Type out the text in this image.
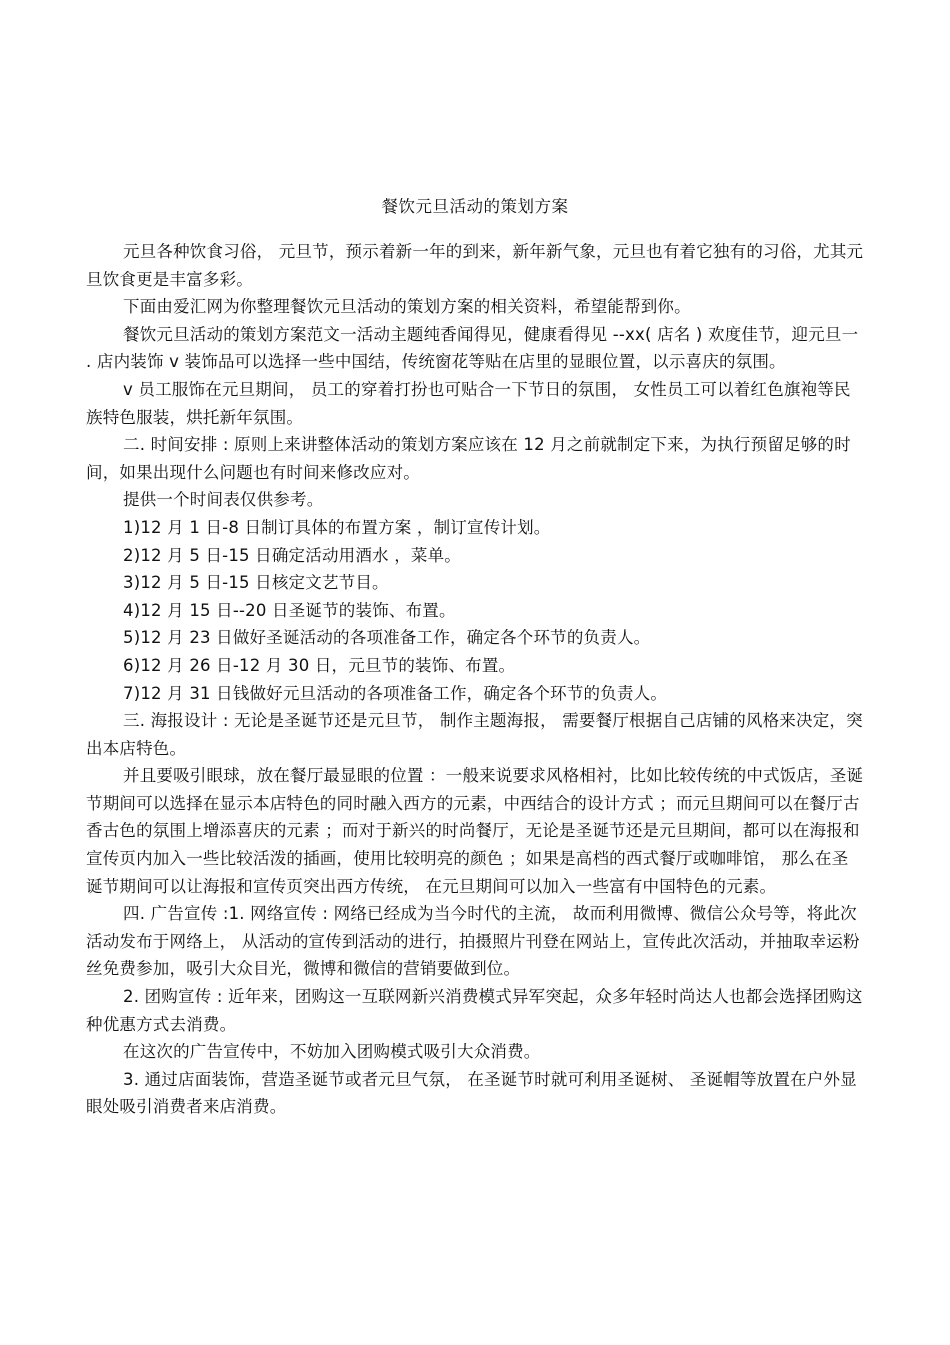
餐饮元旦活动的策划方案

元旦各种饮食习俗， 元旦节，预示着新一年的到来，新年新气象，元旦也有着它独有的习俗，尤其元旦饮食更是丰富多彩。

下面由爱汇网为你整理餐饮元旦活动的策划方案的相关资料，希望能帮到你。

餐饮元旦活动的策划方案范文一活动主题纯香闻得见，健康看得见 --xx( 店名 ) 欢度佳节，迎元旦一 . 店内装饰 v 装饰品可以选择一些中国结，传统窗花等贴在店里的显眼位置，以示喜庆的氛围。

v 员工服饰在元旦期间， 员工的穿着打扮也可贴合一下节日的氛围， 女性员工可以着红色旗袍等民族特色服装，烘托新年氛围。

二. 时间安排 : 原则上来讲整体活动的策划方案应该在 12 月之前就制定下来，为执行预留足够的时间，如果出现什么问题也有时间来修改应对。

提供一个时间表仅供参考。

1)12 月 1 日-8 日制订具体的布置方案 ，制订宣传计划。

2)12 月 5 日-15 日确定活动用酒水 ，菜单。

3)12 月 5 日-15 日核定文艺节目。

4)12 月 15 日--20 日圣诞节的装饰、布置。

5)12 月 23 日做好圣诞活动的各项准备工作，确定各个环节的负责人。

6)12 月 26 日-12 月 30 日，元旦节的装饰、布置。

7)12 月 31 日钱做好元旦活动的各项准备工作，确定各个环节的负责人。

三. 海报设计 : 无论是圣诞节还是元旦节， 制作主题海报， 需要餐厅根据自己店铺的风格来决定，突出本店特色。

并且要吸引眼球，放在餐厅最显眼的位置 ：一般来说要求风格相衬，比如比较传统的中式饭店，圣诞节期间可以选择在显示本店特色的同时融入西方的元素，中西结合的设计方式 ；而元旦期间可以在餐厅古香古色的氛围上增添喜庆的元素 ；而对于新兴的时尚餐厅，无论是圣诞节还是元旦期间，都可以在海报和宣传页内加入一些比较活泼的插画，使用比较明亮的颜色 ；如果是高档的西式餐厅或咖啡馆， 那么在圣诞节期间可以让海报和宣传页突出西方传统， 在元旦期间可以加入一些富有中国特色的元素。

四. 广告宣传 :1. 网络宣传 : 网络已经成为当今时代的主流， 故而利用微博、微信公众号等，将此次活动发布于网络上， 从活动的宣传到活动的进行，拍摄照片刊登在网站上，宣传此次活动，并抽取幸运粉丝免费参加，吸引大众目光，微博和微信的营销要做到位。

2. 团购宣传 : 近年来，团购这一互联网新兴消费模式异军突起，众多年轻时尚达人也都会选择团购这种优惠方式去消费。

在这次的广告宣传中，不妨加入团购模式吸引大众消费。

3. 通过店面装饰，营造圣诞节或者元旦气氛， 在圣诞节时就可利用圣诞树、 圣诞帽等放置在户外显眼处吸引消费者来店消费。
